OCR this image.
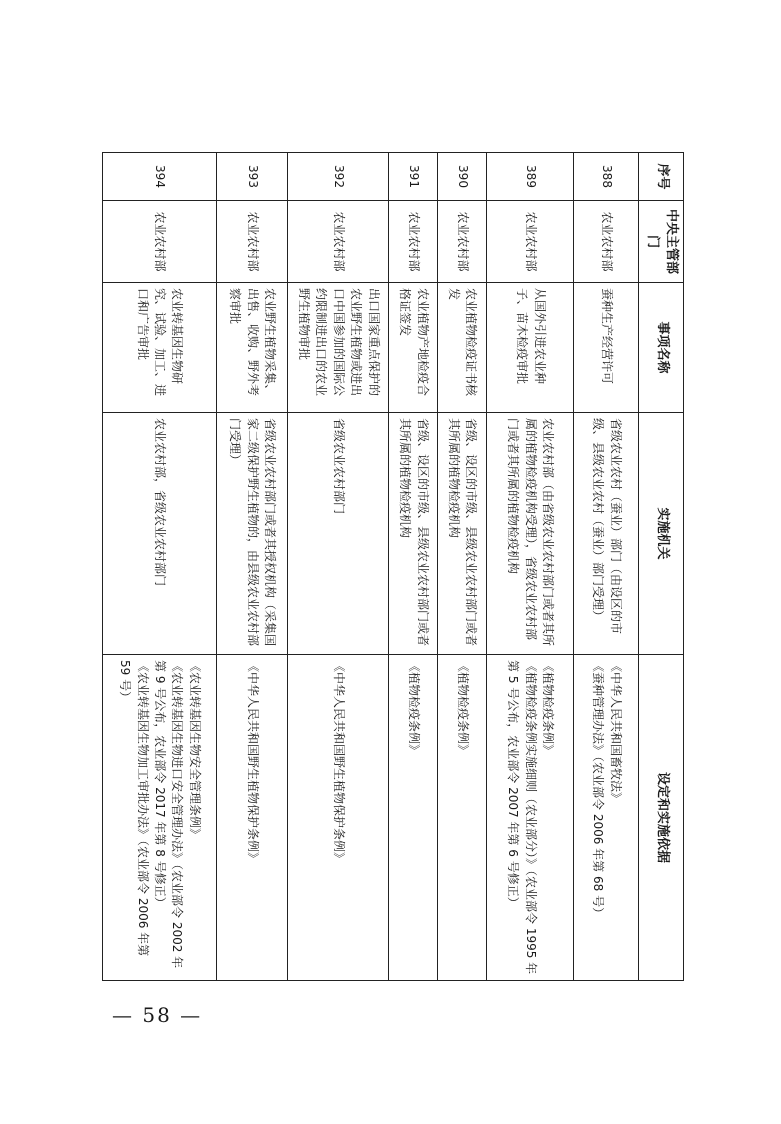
序号	中央主管部门	事项名称	实施机关	设定和实施依据
388	农业农村部	蚕种生产经营许可	省级农业农村（蚕业）部门（由设区的市级、县级农业农村（蚕业）部门受理）	《中华人民共和国畜牧法》
《蚕种管理办法》（农业部令 2006 年第 68 号）
389	农业农村部	从国外引进农业种子、苗木检疫审批	农业农村部（由省级农业农村部门或者其所属的植物检疫机构受理），省级农业农村部门或者其所属的植物检疫机构	《植物检疫条例》
《植物检疫条例实施细则（农业部分）》（农业部令 1995 年第 5 号公布，农业部令 2007 年第 6 号修正）
390	农业农村部	农业植物检疫证书核发	省级、设区的市级、县级农业农村部门或者其所属的植物检疫机构	《植物检疫条例》
391	农业农村部	农业植物产地检疫合格证签发	省级、设区的市级、县级农业农村部门或者其所属的植物检疫机构	《植物检疫条例》
392	农业农村部	出口国家重点保护的农业野生植物或进出口中国参加的国际公约限制进出口的农业野生植物审批	省级农业农村部门	《中华人民共和国野生植物保护条例》
393	农业农村部	农业野生植物采集、出售、收购、野外考察审批	省级农业农村部门或者其授权机构（采集国家二级保护野生植物的，由县级农业农村部门受理）	《中华人民共和国野生植物保护条例》
394	农业农村部	农业转基因生物研究、试验、加工、进口和广告审批	农业农村部，省级农业农村部门	《农业转基因生物安全管理条例》
《农业转基因生物进口安全管理办法》（农业部令 2002 年第 9 号公布，农业部令 2017 年第 8 号修正）
《农业转基因生物加工审批办法》（农业部令 2006 年第 59 号）
— 58 —
